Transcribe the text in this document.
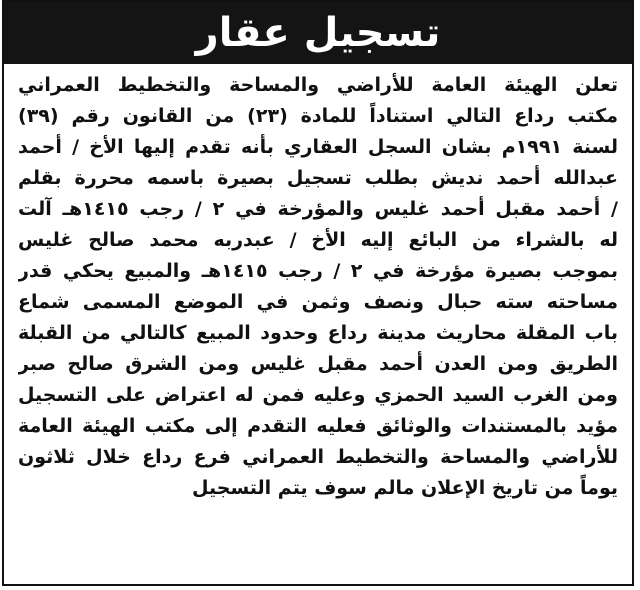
تسجيل عقار
تعلن الهيئة العامة للأراضي والمساحة والتخطيط العمراني
مكتب رداع التالي استناداً للمادة (٢٣) من القانون رقم (٣٩)
لسنة ١٩٩١م بشان السجل العقاري بأنه تقدم إليها الأخ / أحمد
عبدالله أحمد نديش بطلب تسجيل بصيرة باسمه محررة بقلم
/ أحمد مقبل أحمد غليس والمؤرخة في ٢ / رجب ١٤١٥هـ آلت
له بالشراء من البائع إليه الأخ / عبدربه محمد صالح غليس
بموجب بصيرة مؤرخة في ٢ / رجب ١٤١٥هـ والمبيع يحكي قدر
مساحته سته حبال ونصف وثمن في الموضع المسمى شماع
باب المقلة محاريث مدينة رداع وحدود المبيع كالتالي من القبلة
الطريق ومن العدن أحمد مقبل غليس ومن الشرق صالح صبر
ومن الغرب السيد الحمزي وعليه فمن له اعتراض على التسجيل
مؤيد بالمستندات والوثائق فعليه التقدم إلى مكتب الهيئة العامة
للأراضي والمساحة والتخطيط العمراني فرع رداع خلال ثلاثون
يوماً من تاريخ الإعلان مالم سوف يتم التسجيل
